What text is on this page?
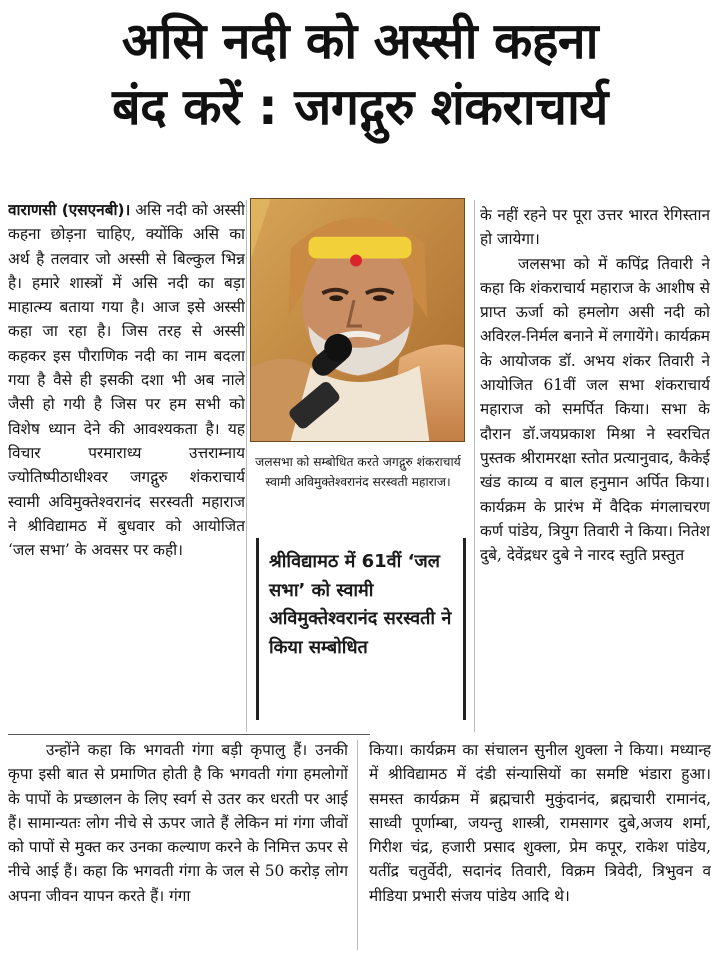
असि नदी को अस्सी कहना
बंद करें : जगद्गुरु शंकराचार्य

वाराणसी (एसएनबी)। असि नदी को अस्सी कहना छोड़ना चाहिए, क्योंकि असि का अर्थ है तलवार जो अस्सी से बिल्कुल भिन्न है। हमारे शास्त्रों में असि नदी का बड़ा माहात्म्य बताया गया है। आज इसे अस्सी कहा जा रहा है। जिस तरह से अस्सी कहकर इस पौराणिक नदी का नाम बदला गया है वैसे ही इसकी दशा भी अब नाले जैसी हो गयी है जिस पर हम सभी को विशेष ध्यान देने की आवश्यकता है। यह विचार परमाराध्य उत्तराम्नाय ज्योतिष्पीठाधीश्वर जगद्गुरु शंकराचार्य स्वामी अविमुक्तेश्वरानंद सरस्वती महाराज ने श्रीविद्यामठ में बुधवार को आयोजित ‘जल सभा’ के अवसर पर कही।

जलसभा को सम्बोधित करते जगद्गुरु शंकराचार्य स्वामी अविमुक्तेश्वरानंद सरस्वती महाराज।
श्रीविद्यामठ में 61वीं ‘जल सभा’ को स्वामी अविमुक्तेश्वरानंद सरस्वती ने किया सम्बोधित

के नहीं रहने पर पूरा उत्तर भारत रेगिस्तान हो जायेगा।

जलसभा को में कपिंद्र तिवारी ने कहा कि शंकराचार्य महाराज के आशीष से प्राप्त ऊर्जा को हमलोग असी नदी को अविरल-निर्मल बनाने में लगायेंगे। कार्यक्रम के आयोजक डॉ. अभय शंकर तिवारी ने आयोजित 61वीं जल सभा शंकराचार्य महाराज को समर्पित किया। सभा के दौरान डॉ.जयप्रकाश मिश्रा ने स्वरचित पुस्तक श्रीरामरक्षा स्तोत प्रत्यानुवाद, कैकेई खंड काव्य व बाल हनुमान अर्पित किया। कार्यक्रम के प्रारंभ में वैदिक मंगलाचरण कर्ण पांडेय, त्रियुग तिवारी ने किया। नितेश दुबे, देवेंद्रधर दुबे ने नारद स्तुति प्रस्तुत

उन्होंने कहा कि भगवती गंगा बड़ी कृपालु हैं। उनकी कृपा इसी बात से प्रमाणित होती है कि भगवती गंगा हमलोगों के पापों के प्रच्छालन के लिए स्वर्ग से उतर कर धरती पर आई हैं। सामान्यतः लोग नीचे से ऊपर जाते हैं लेकिन मां गंगा जीवों को पापों से मुक्त कर उनका कल्याण करने के निमित्त ऊपर से नीचे आई हैं। कहा कि भगवती गंगा के जल से 50 करोड़ लोग अपना जीवन यापन करते हैं। गंगा

किया। कार्यक्रम का संचालन सुनील शुक्ला ने किया। मध्यान्ह में श्रीविद्यामठ में दंडी संन्यासियों का समष्टि भंडारा हुआ। समस्त कार्यक्रम में ब्रह्मचारी मुकुंदानंद, ब्रह्मचारी रामानंद, साध्वी पूर्णाम्बा, जयन्तु शास्त्री, रामसागर दुबे,अजय शर्मा, गिरीश चंद्र, हजारी प्रसाद शुक्ला, प्रेम कपूर, राकेश पांडेय, यतींद्र चतुर्वेदी, सदानंद तिवारी, विक्रम त्रिवेदी, त्रिभुवन व मीडिया प्रभारी संजय पांडेय आदि थे।
